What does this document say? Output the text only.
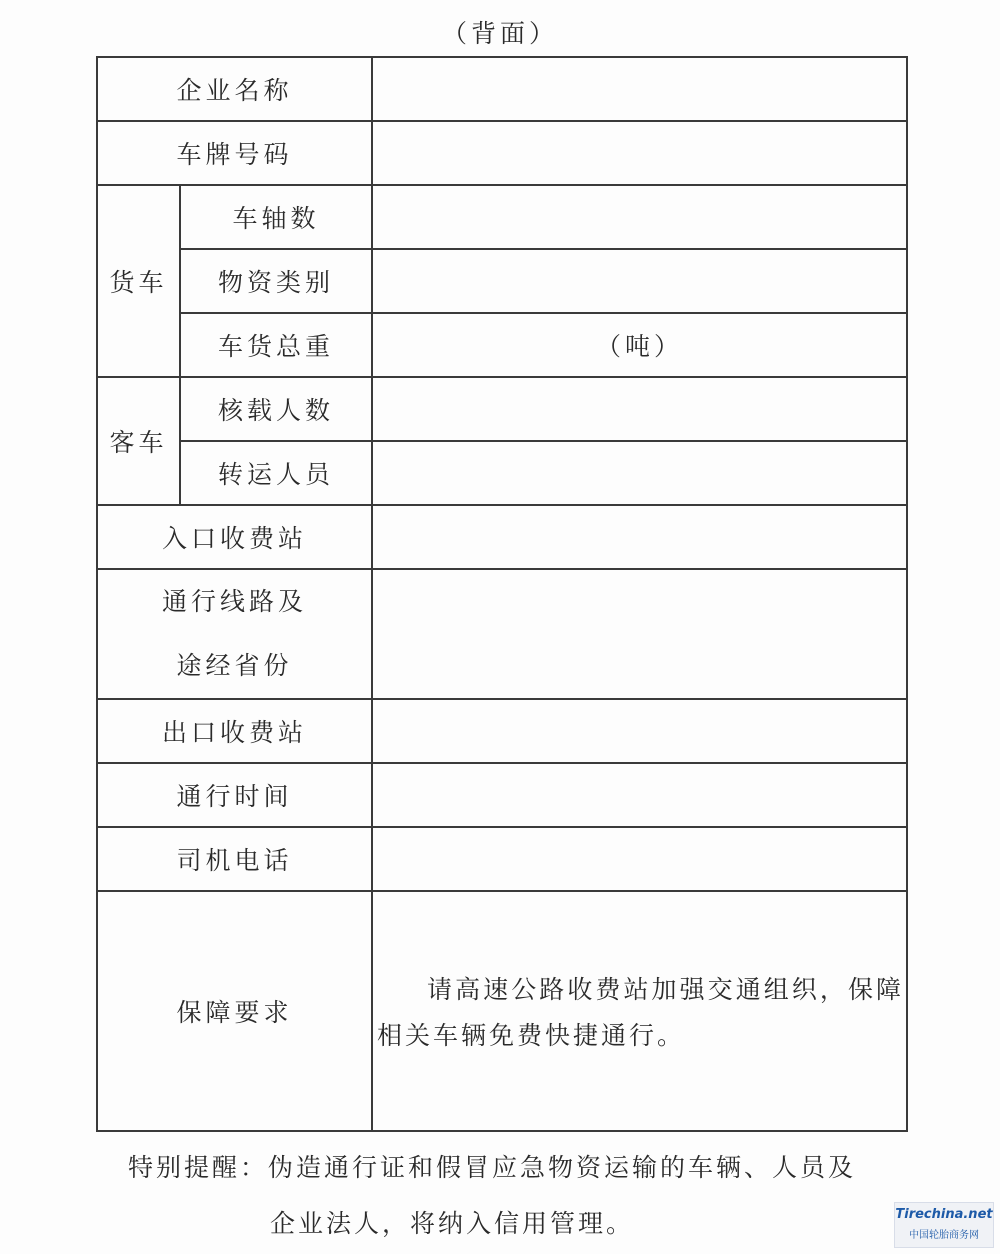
（背面）
企业名称		
车牌号码		
货车	车轴数	
	物资类别	
	车货总重	（吨）
客车	核载人数	
	转运人员	
入口收费站		

通行线路及
途经省份		

出口收费站		
通行时间		
司机电话		
保障要求		请高速公路收费站加强交通组织，保障相关车辆免费快捷通行。
特别提醒：伪造通行证和假冒应急物资运输的车辆、人员及
企业法人，将纳入信用管理。	Tirechina.net
中国轮胎商务网
